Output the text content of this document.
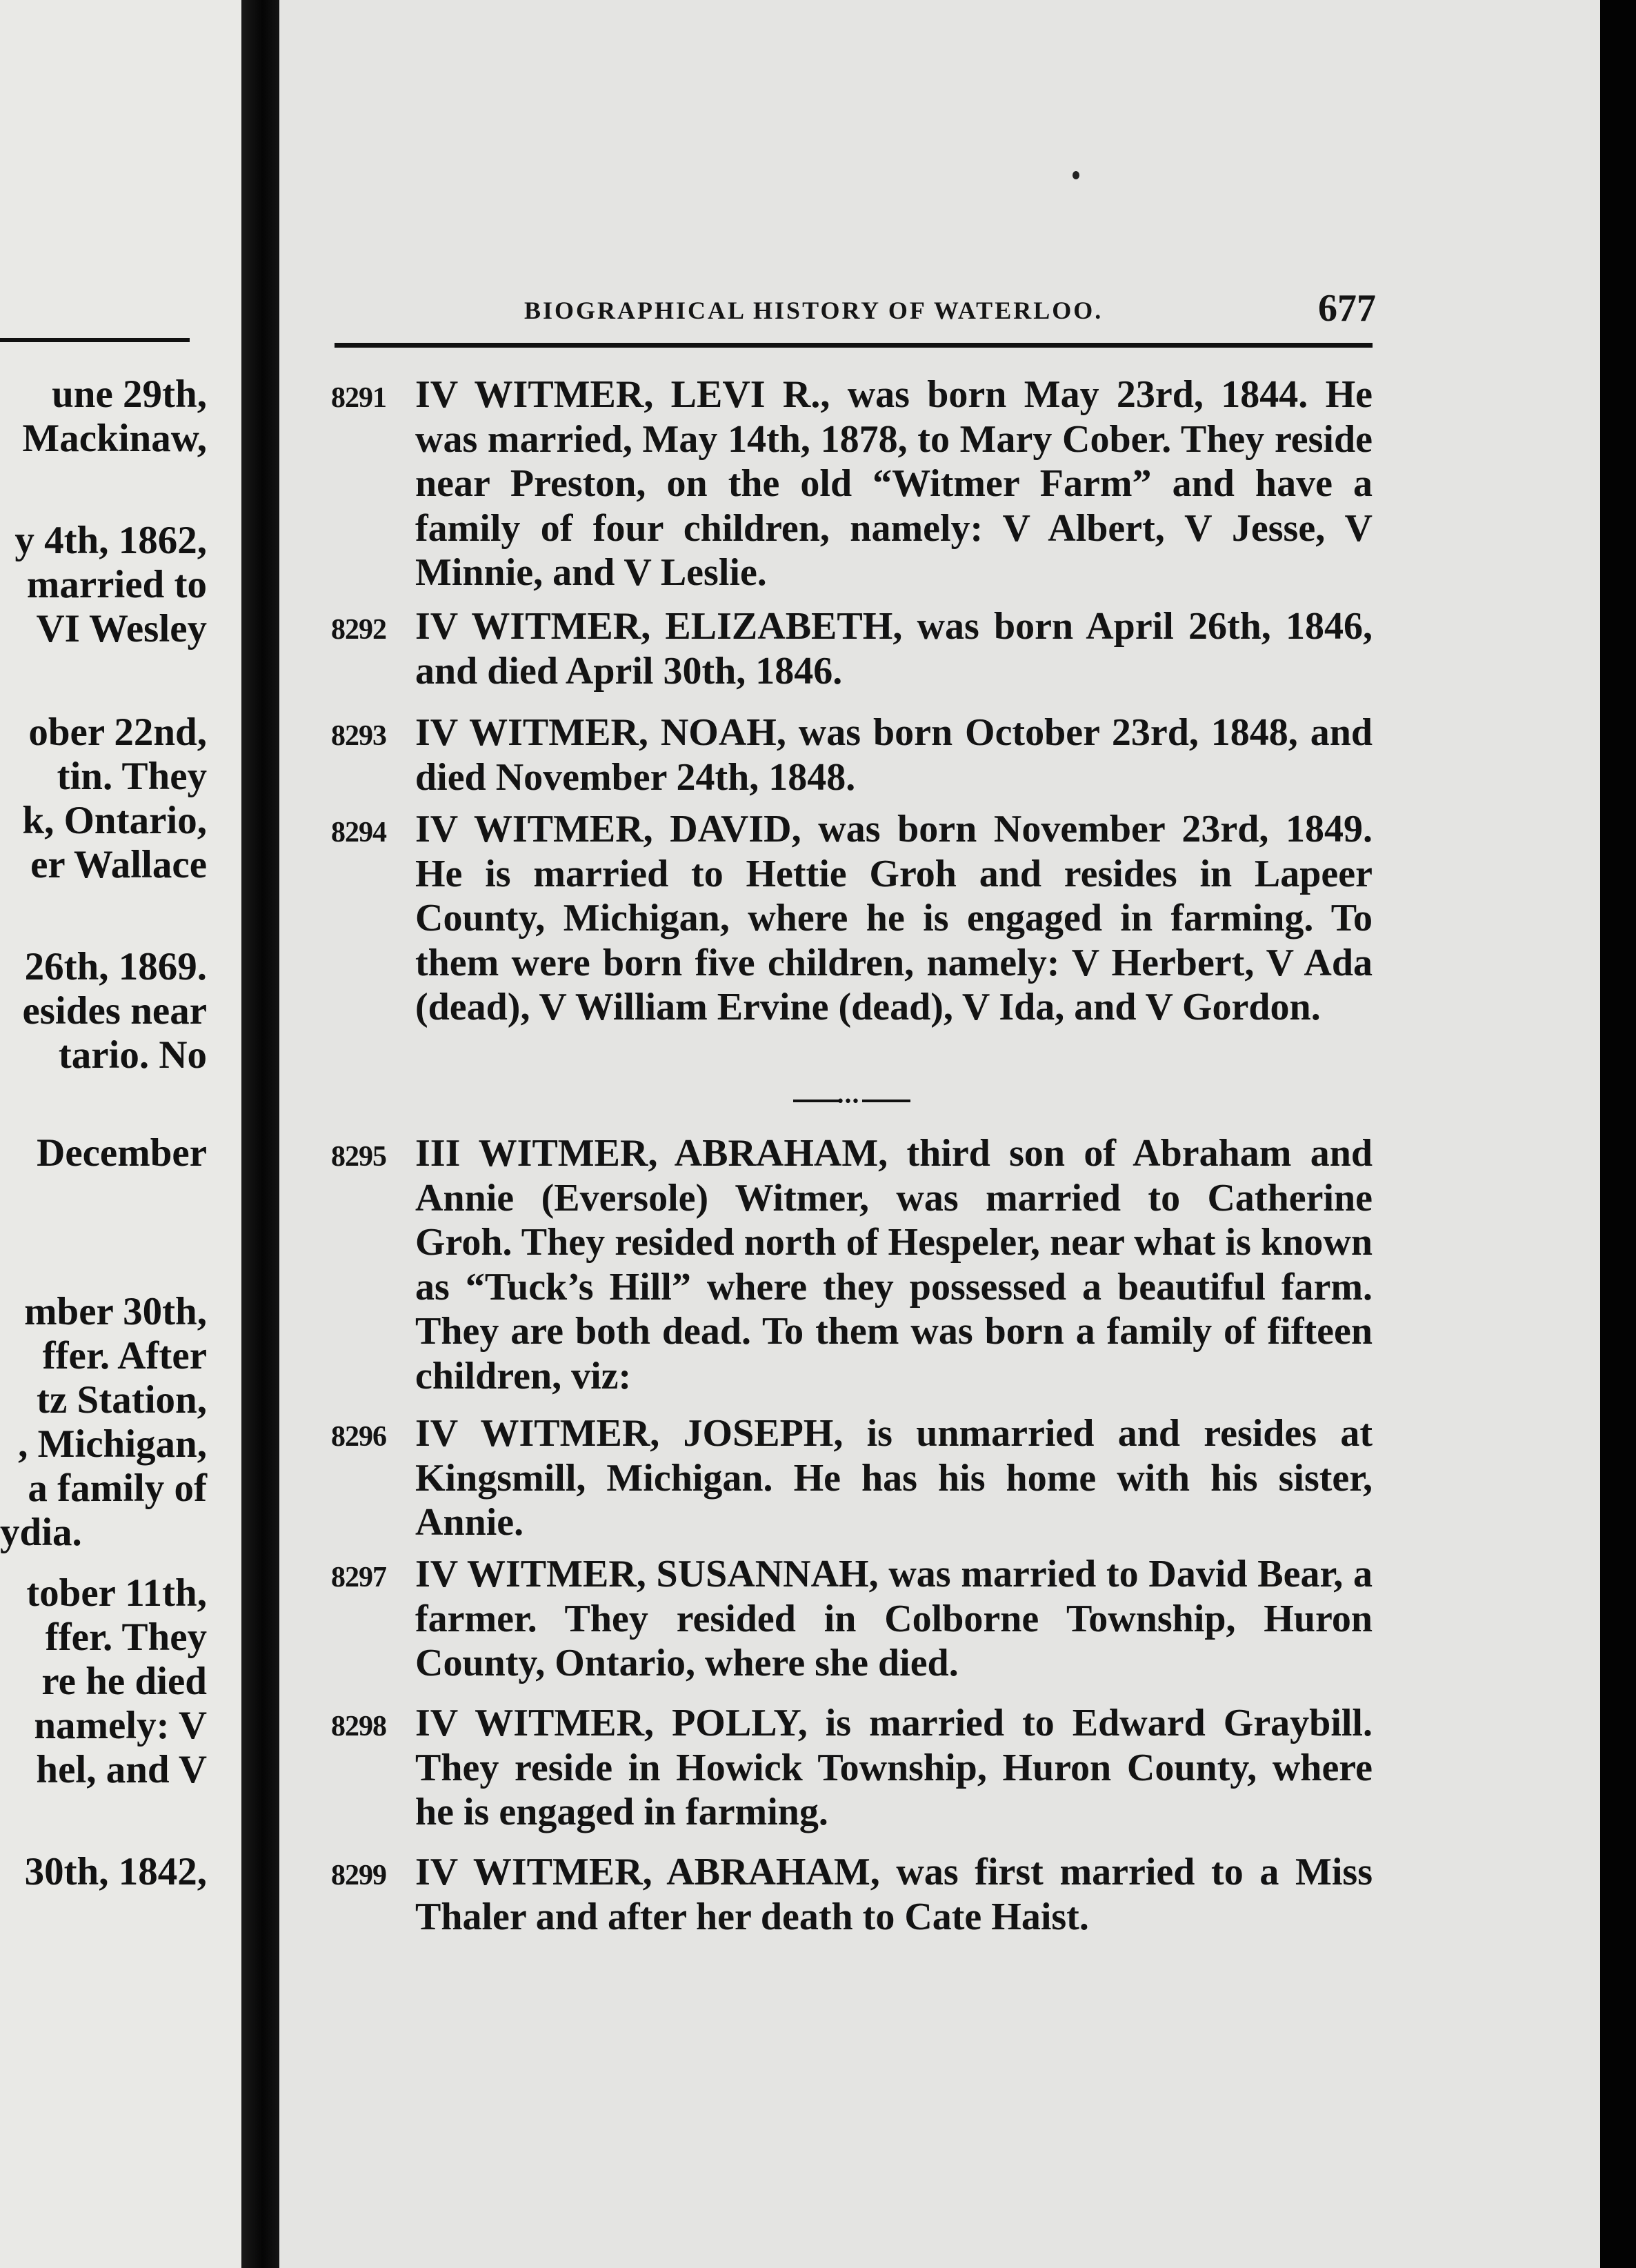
une 29th,
Mackinaw,
y 4th, 1862,
married to
VI Wesley
ober 22nd,
tin. They
k, Ontario,
er Wallace
26th, 1869.
esides near
tario. No
December
mber 30th,
ffer. After
tz Station,
, Michigan,
a family of
ydia.
tober 11th,
ffer. They
re he died
namely: V
hel, and V
30th, 1842,
BIOGRAPHICAL HISTORY OF WATERLOO.	677
8291 IV WITMER, LEVI R., was born May 23rd, 1844. He was married, May 14th, 1878, to Mary Cober. They reside near Preston, on the old “Witmer Farm” and have a family of four children, namely: V Albert, V Jesse, V Minnie, and V Leslie.
8292 IV WITMER, ELIZABETH, was born April 26th, 1846, and died April 30th, 1846.
8293 IV WITMER, NOAH, was born October 23rd, 1848, and died November 24th, 1848.
8294 IV WITMER, DAVID, was born November 23rd, 1849. He is married to Hettie Groh and resides in Lapeer County, Michigan, where he is engaged in farming. To them were born five children, namely: V Herbert, V Ada (dead), V William Ervine (dead), V Ida, and V Gordon.
•••
8295 III WITMER, ABRAHAM, third son of Abraham and Annie (Eversole) Witmer, was married to Catherine Groh. They resided north of Hespeler, near what is known as “Tuck’s Hill” where they possessed a beautiful farm. They are both dead. To them was born a family of fifteen children, viz:
8296 IV WITMER, JOSEPH, is unmarried and resides at Kingsmill, Michigan. He has his home with his sister, Annie.
8297 IV WITMER, SUSANNAH, was married to David Bear, a farmer. They resided in Colborne Township, Huron County, Ontario, where she died.
8298 IV WITMER, POLLY, is married to Edward Graybill. They reside in Howick Township, Huron County, where he is engaged in farming.
8299 IV WITMER, ABRAHAM, was first married to a Miss Thaler and after her death to Cate Haist.
